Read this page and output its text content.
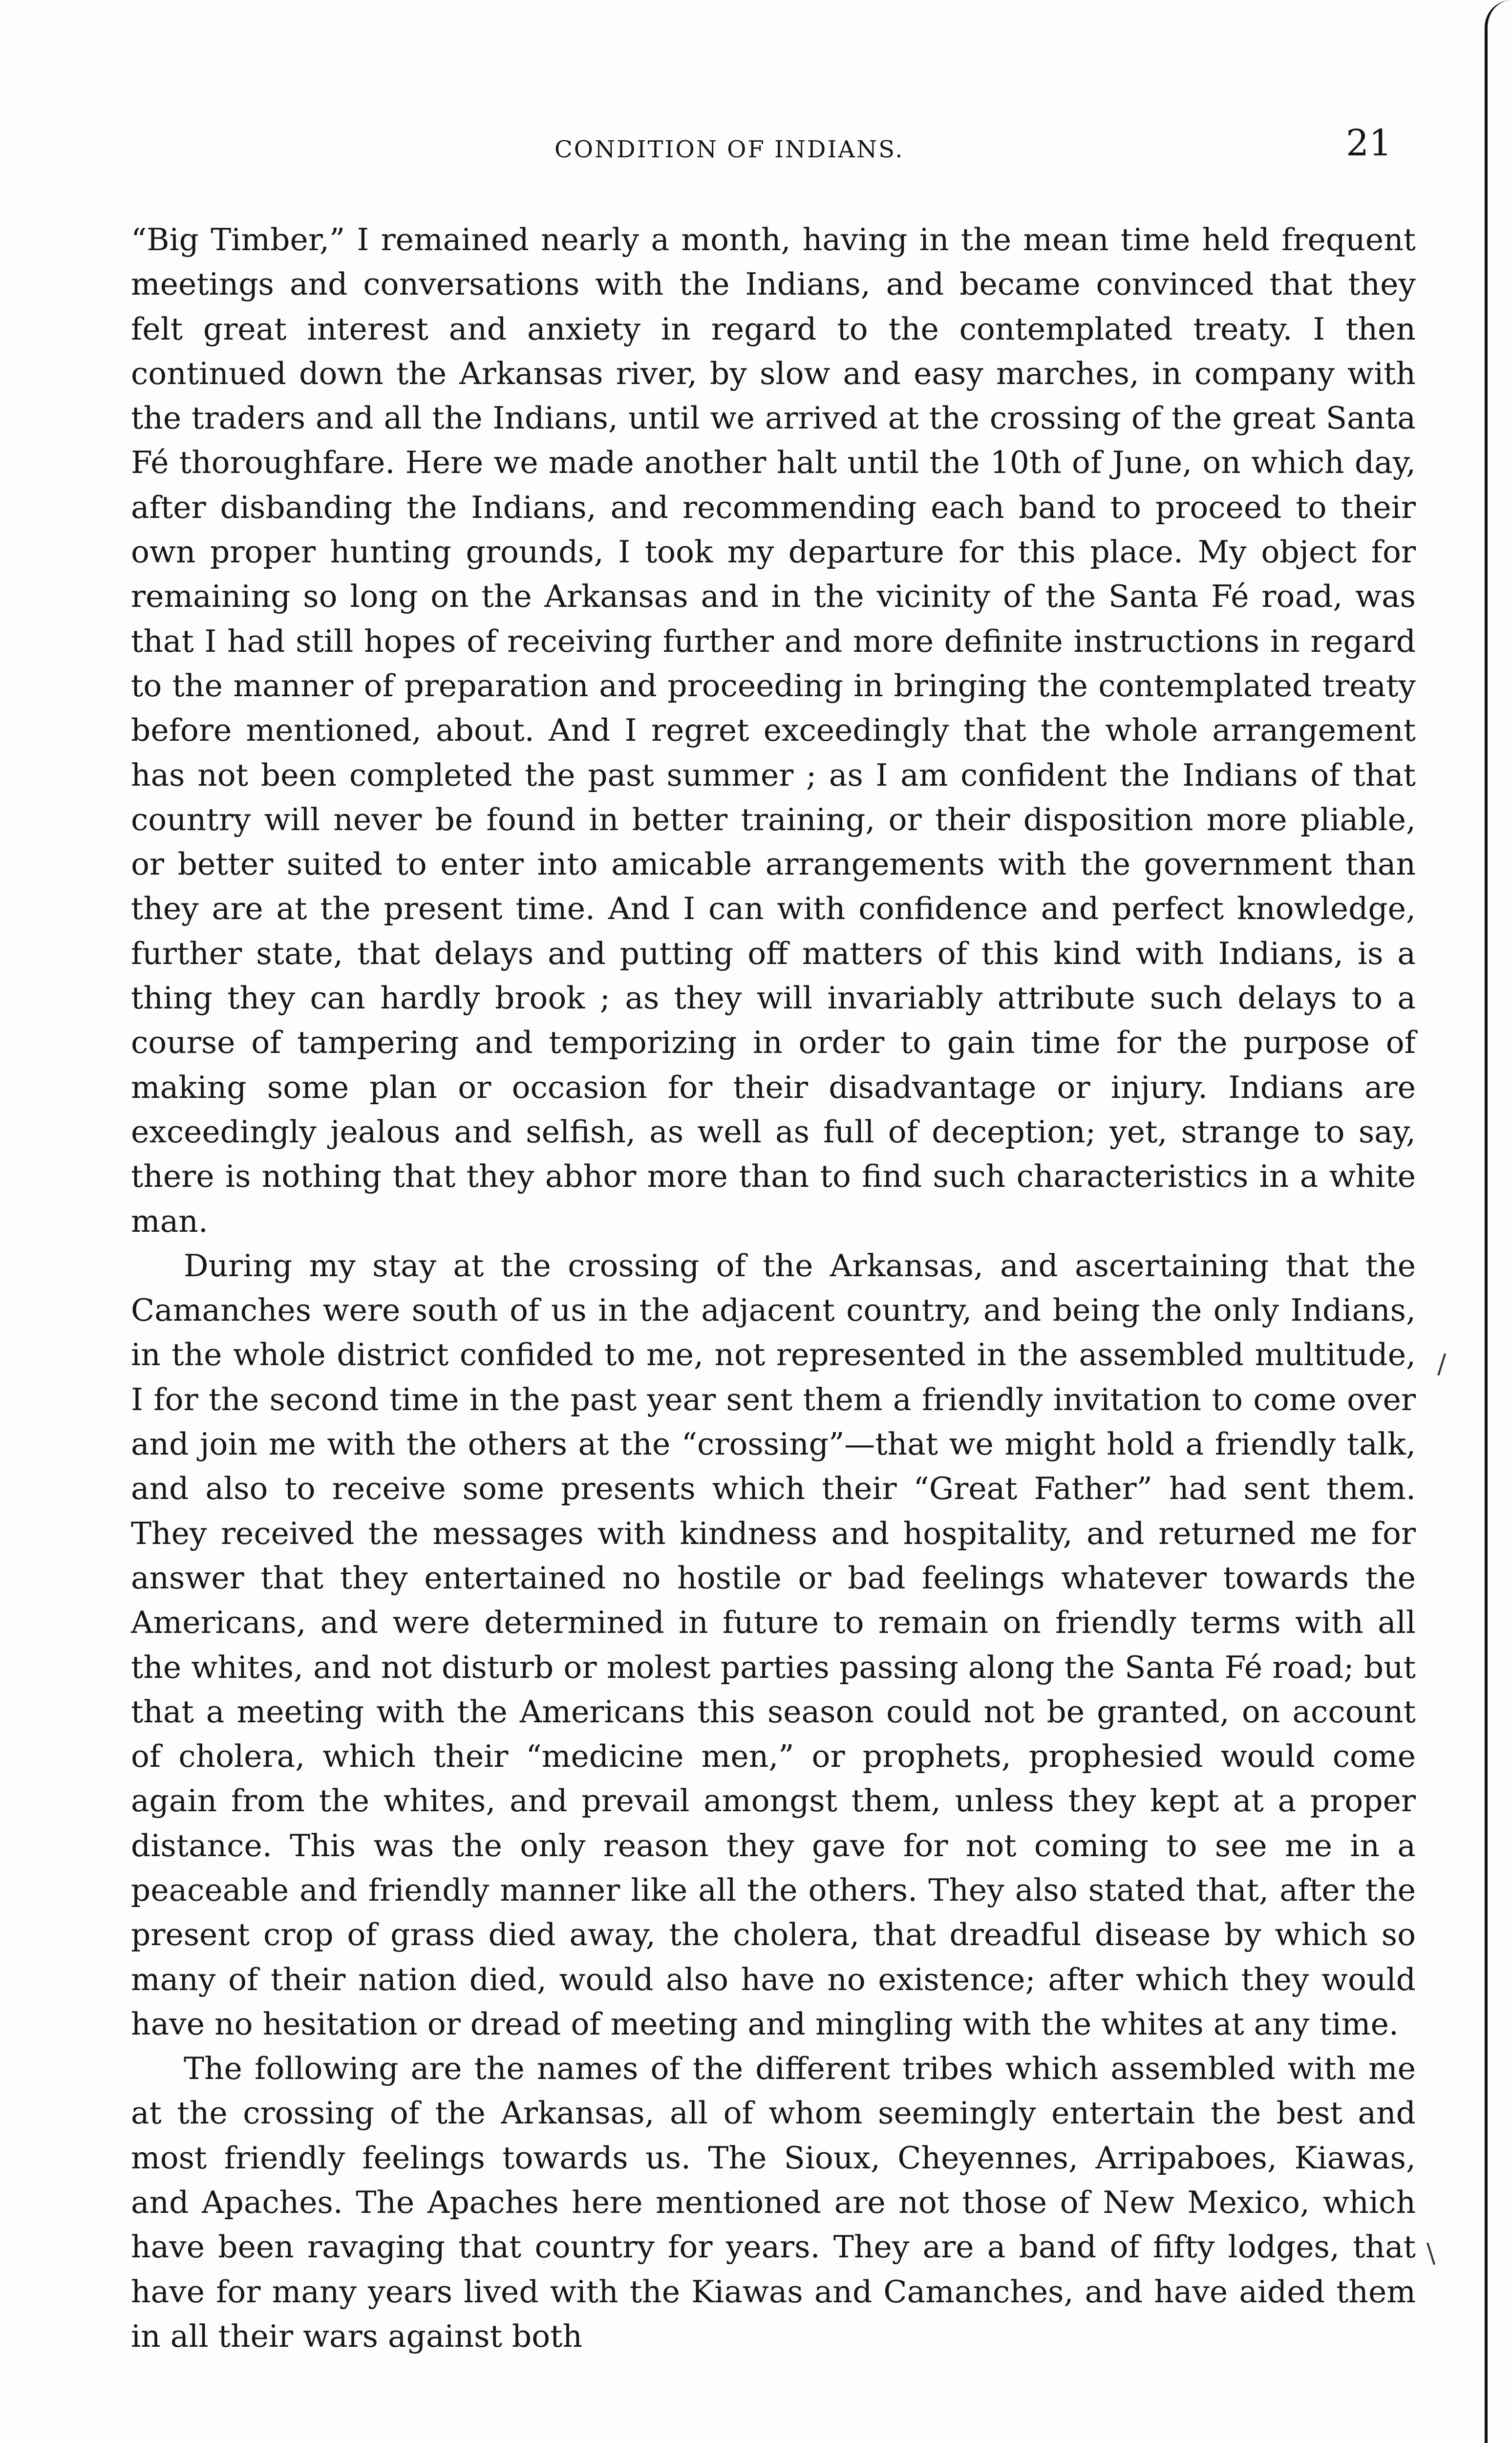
CONDITION OF INDIANS.	21

“Big Timber,” I remained nearly a month, having in the mean time held frequent meetings and conversations with the Indians, and became convinced that they felt great interest and anxiety in regard to the contemplated treaty. I then continued down the Arkansas river, by slow and easy marches, in company with the traders and all the Indians, until we arrived at the crossing of the great Santa Fé thoroughfare. Here we made another halt until the 10th of June, on which day, after disbanding the Indians, and recommending each band to proceed to their own proper hunting grounds, I took my departure for this place. My object for remaining so long on the Arkansas and in the vicinity of the Santa Fé road, was that I had still hopes of receiving further and more definite instructions in regard to the manner of preparation and proceeding in bringing the contemplated treaty before mentioned, about. And I regret exceedingly that the whole arrangement has not been completed the past summer ; as I am confident the Indians of that country will never be found in better training, or their disposition more pliable, or better suited to enter into amicable arrangements with the government than they are at the present time. And I can with confidence and perfect knowledge, further state, that delays and putting off matters of this kind with Indians, is a thing they can hardly brook ; as they will invariably attribute such delays to a course of tampering and temporizing in order to gain time for the purpose of making some plan or occasion for their disadvantage or injury. Indians are exceedingly jealous and selfish, as well as full of deception; yet, strange to say, there is nothing that they abhor more than to find such characteristics in a white man.

During my stay at the crossing of the Arkansas, and ascertaining that the Camanches were south of us in the adjacent country, and being the only Indians, in the whole district confided to me, not represented in the assembled multitude, I for the second time in the past year sent them a friendly invitation to come over and join me with the others at the “crossing”—that we might hold a friendly talk, and also to receive some presents which their “Great Father” had sent them. They received the messages with kindness and hospitality, and returned me for answer that they entertained no hostile or bad feelings whatever towards the Americans, and were determined in future to remain on friendly terms with all the whites, and not disturb or molest parties passing along the Santa Fé road; but that a meeting with the Americans this season could not be granted, on account of cholera, which their “medicine men,” or prophets, prophesied would come again from the whites, and prevail amongst them, unless they kept at a proper distance. This was the only reason they gave for not coming to see me in a peaceable and friendly manner like all the others. They also stated that, after the present crop of grass died away, the cholera, that dreadful disease by which so many of their nation died, would also have no existence; after which they would have no hesitation or dread of meeting and mingling with the whites at any time.

The following are the names of the different tribes which assembled with me at the crossing of the Arkansas, all of whom seemingly entertain the best and most friendly feelings towards us. The Sioux, Cheyennes, Arripaboes, Kiawas, and Apaches. The Apaches here mentioned are not those of New Mexico, which have been ravaging that country for years. They are a band of fifty lodges, that have for many years lived with the Kiawas and Camanches, and have aided them in all their wars against both

/
\
